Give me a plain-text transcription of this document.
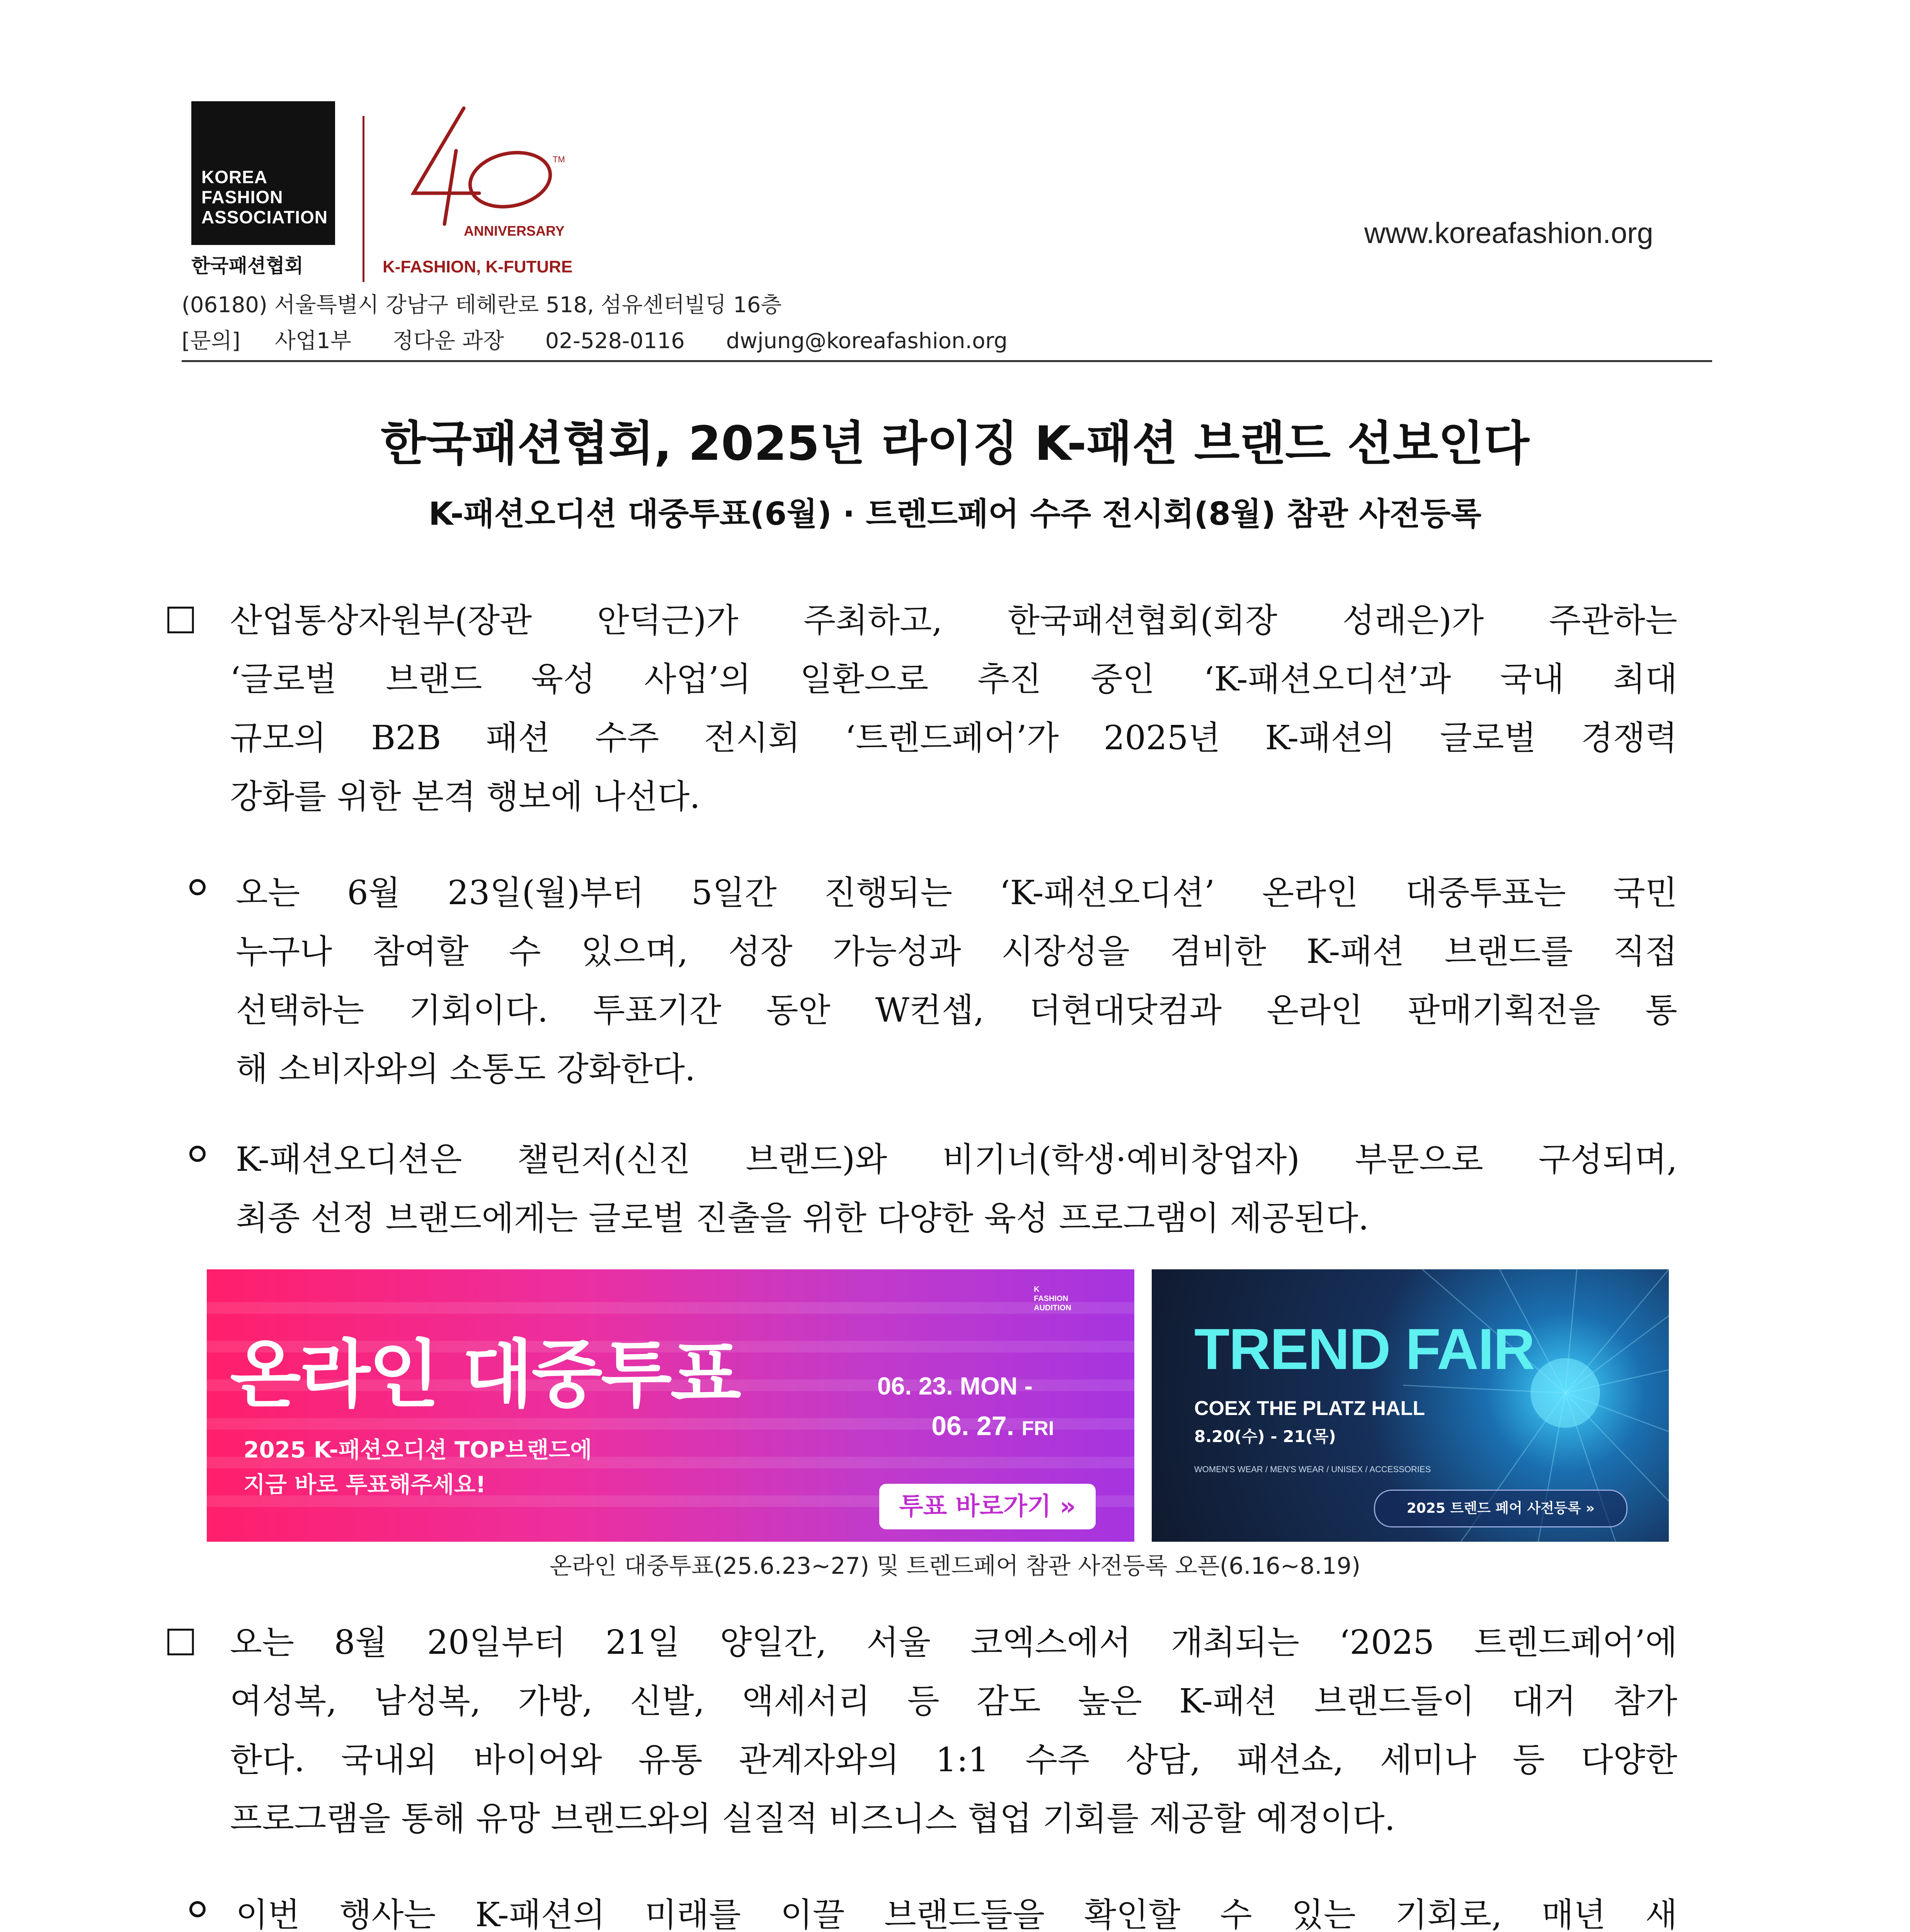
KOREA
FASHION
ASSOCIATION
한국패션협회
TM
ANNIVERSARY
K-FASHION, K-FUTURE
www.koreafashion.org
(06180) 서울특별시 강남구 테헤란로 518, 섬유센터빌딩 16층
[문의] 사업1부 정다운 과장 02-528-0116 dwjung@koreafashion.org
한국패션협회, 2025년 라이징 K-패션 브랜드 선보인다
K-패션오디션 대중투표(6월) · 트렌드페어 수주 전시회(8월) 참관 사전등록
□ 산업통상자원부(장관 안덕근)가 주최하고, 한국패션협회(회장 성래은)가 주관하는
‘글로벌 브랜드 육성 사업’의 일환으로 추진 중인 ‘K-패션오디션’과 국내 최대
규모의 B2B 패션 수주 전시회 ‘트렌드페어’가 2025년 K-패션의 글로벌 경쟁력
강화를 위한 본격 행보에 나선다.
오는 6월 23일(월)부터 5일간 진행되는 ‘K-패션오디션’ 온라인 대중투표는 국민
누구나 참여할 수 있으며, 성장 가능성과 시장성을 겸비한 K-패션 브랜드를 직접
선택하는 기회이다. 투표기간 동안 W컨셉, 더현대닷컴과 온라인 판매기획전을 통
해 소비자와의 소통도 강화한다.
K-패션오디션은 챌린저(신진 브랜드)와 비기너(학생·예비창업자) 부문으로 구성되며,
최종 선정 브랜드에게는 글로벌 진출을 위한 다양한 육성 프로그램이 제공된다.
K
FASHION
AUDITION
온라인 대중투표
2025 K-패션오디션 TOP브랜드에
지금 바로 투표해주세요!
06. 23. MON -
06. 27. FRI
투표 바로가기 »
TREND FAIR
COEX THE PLATZ HALL
8.20(수) - 21(목)
WOMEN'S WEAR / MEN'S WEAR / UNISEX / ACCESSORIES
2025 트렌드 페어 사전등록 »
온라인 대중투표(25.6.23~27) 및 트렌드페어 참관 사전등록 오픈(6.16~8.19)
□ 오는 8월 20일부터 21일 양일간, 서울 코엑스에서 개최되는 ‘2025 트렌드페어’에
여성복, 남성복, 가방, 신발, 액세서리 등 감도 높은 K-패션 브랜드들이 대거 참가
한다. 국내외 바이어와 유통 관계자와의 1:1 수주 상담, 패션쇼, 세미나 등 다양한
프로그램을 통해 유망 브랜드와의 실질적 비즈니스 협업 기회를 제공할 예정이다.
이번 행사는 K-패션의 미래를 이끌 브랜드들을 확인할 수 있는 기회로, 매년 새
